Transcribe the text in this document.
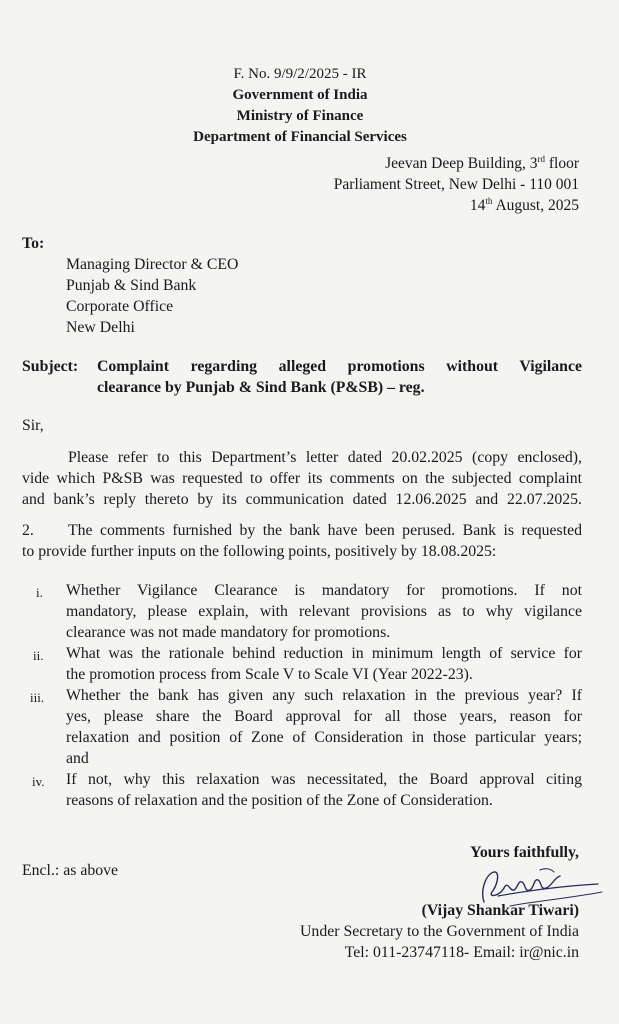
F. No. 9/9/2/2025 - IR
Government of India
Ministry of Finance
Department of Financial Services
Jeevan Deep Building, 3rd floor
Parliament Street, New Delhi - 110 001
14th August, 2025
To:
Managing Director & CEO
Punjab & Sind Bank
Corporate Office
New Delhi
Subject: Complaint regarding alleged promotions without Vigilance
clearance by Punjab & Sind Bank (P&SB) – reg.
Sir,
Please refer to this Department’s letter dated 20.02.2025 (copy enclosed),
vide which P&SB was requested to offer its comments on the subjected complaint
and bank’s reply thereto by its communication dated 12.06.2025 and 22.07.2025.
2. The comments furnished by the bank have been perused. Bank is requested
to provide further inputs on the following points, positively by 18.08.2025:
i. Whether Vigilance Clearance is mandatory for promotions. If not
mandatory, please explain, with relevant provisions as to why vigilance
clearance was not made mandatory for promotions.
ii. What was the rationale behind reduction in minimum length of service for
the promotion process from Scale V to Scale VI (Year 2022-23).
iii. Whether the bank has given any such relaxation in the previous year? If
yes, please share the Board approval for all those years, reason for
relaxation and position of Zone of Consideration in those particular years;
and
iv. If not, why this relaxation was necessitated, the Board approval citing
reasons of relaxation and the position of the Zone of Consideration.
Yours faithfully,
Encl.: as above
(Vijay Shankar Tiwari)
Under Secretary to the Government of India
Tel: 011-23747118- Email: ir@nic.in
